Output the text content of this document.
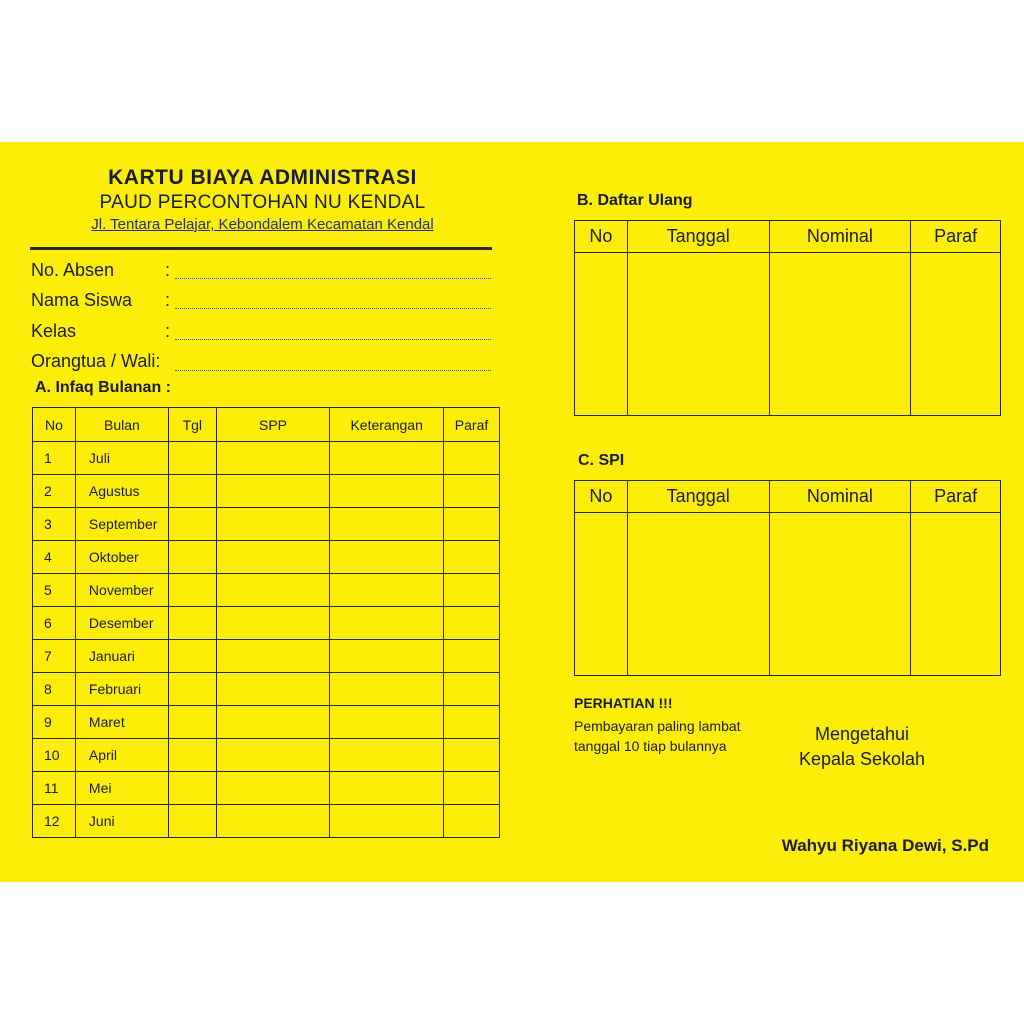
KARTU BIAYA ADMINISTRASI
PAUD PERCONTOHAN NU KENDAL
Jl. Tentara Pelajar, Kebondalem Kecamatan Kendal
No. Absen	:
Nama Siswa :
Kelas	:
Orangtua / Wali:
A. Infaq Bulanan :
No	Bulan	Tgl	SPP	Keterangan	Paraf
1	Juli				
2	Agustus				
3	September				
4	Oktober				
5	November				
6	Desember				
7	Januari				
8	Februari				
9	Maret				
10	April				
11	Mei				
12	Juni				
B. Daftar Ulang
No	Tanggal	Nominal	Paraf

C. SPI
No	Tanggal	Nominal	Paraf

PERHATIAN !!!
Pembayaran paling lambat tanggal 10 tiap bulannya
Mengetahui
Kepala Sekolah
Wahyu Riyana Dewi, S.Pd
